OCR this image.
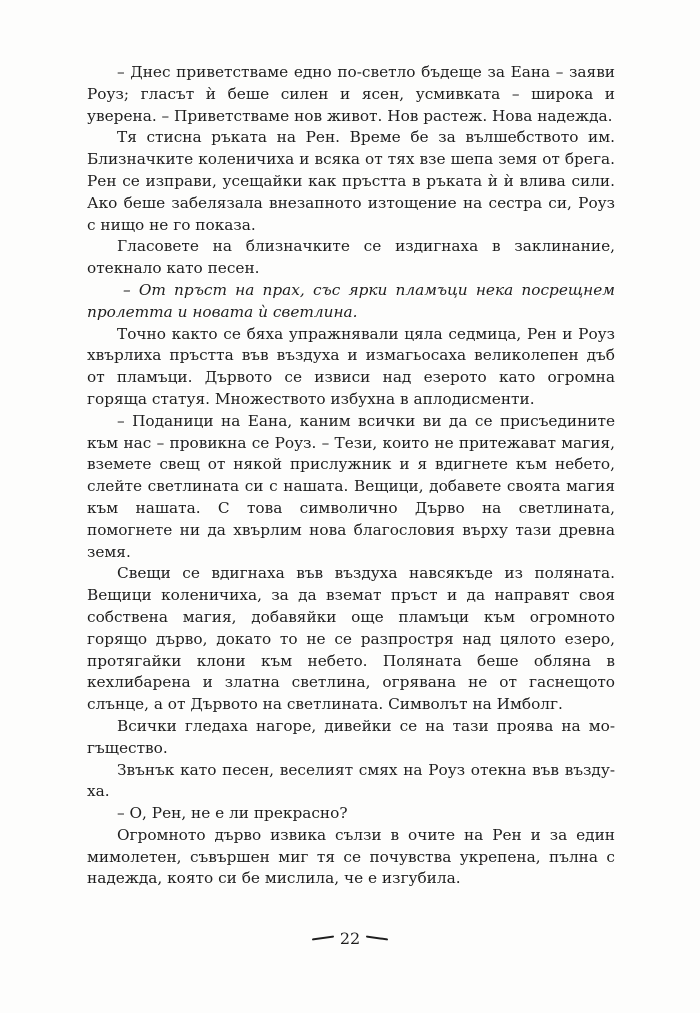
– Днес приветстваме едно по-светло бъдеще за Еана – заяви Роуз; гласът ѝ беше силен и ясен, усмивката – широка и уверена. – Приветстваме нов живот. Нов растеж. Нова надежда.

Тя стисна ръката на Рен. Време бе за вълшебството им. Близначките коленичиха и всяка от тях взе шепа земя от брега. Рен се изправи, усещайки как пръстта в ръката ѝ ѝ влива сили. Ако беше забелязала внезапното изтощение на сестра си, Роуз с нищо не го показа.

Гласовете на близначките се издигнаха в заклинание, отекнало като песен.

– От пръст на прах, със ярки пламъци нека посрещнем пролетта и новата ѝ светлина.

Точно както се бяха упражнявали цяла седмица, Рен и Роуз хвърлиха пръстта във въздуха и измагьосаха великолепен дъб от пламъци. Дървото се извиси над езерото като огромна горяща статуя. Множеството избухна в аплодисменти.

– Поданици на Еана, каним всички ви да се присъедините към нас – провикна се Роуз. – Тези, които не притежават магия, вземете свещ от някой прислужник и я вдигнете към небето, слейте светлината си с нашата. Вещици, добавете своята магия към нашата. С това символично Дърво на светлината, помогнете ни да хвърлим нова благословия върху тази древна земя.

Свещи се вдигнаха във въздуха навсякъде из поляната. Вещици коленичиха, за да вземат пръст и да направят своя собствена магия, добавяйки още пламъци към огромното горящо дърво, докато то не се разпростря над цялото езеро, протягайки клони към небето. Поляната беше обляна в кехлибарена и златна светлина, огрявана не от гаснещото слънце, а от Дървото на светлината. Символът на Имболг.

Всички гледаха нагоре, дивейки се на тази проява на могъщество.

Звънък като песен, веселият смях на Роуз отекна във въздуха.

– О, Рен, не е ли прекрасно?

Огромното дърво извика сълзи в очите на Рен и за един мимолетен, съвършен миг тя се почувства укрепена, пълна с надежда, която си бе мислила, че е изгубила.

22
